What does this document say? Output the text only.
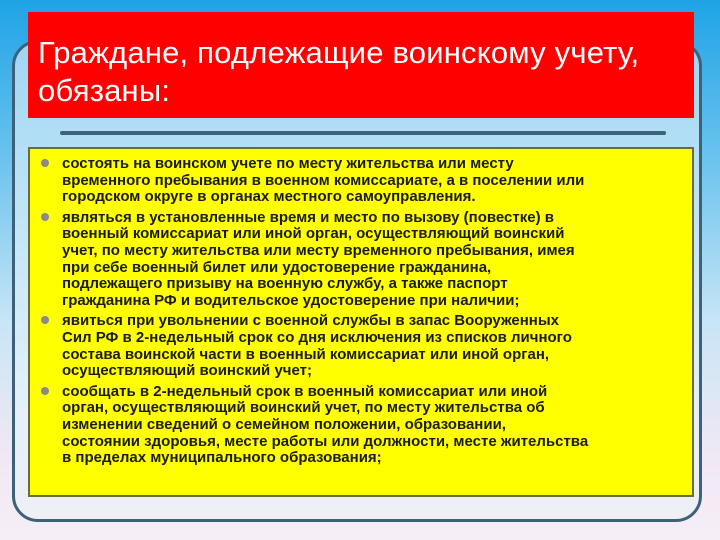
Граждане, подлежащие воинскому учету, обязаны:
состоять на воинском учете по месту жительства или месту
временного пребывания в военном комиссариате, а в поселении или
городском округе в органах местного самоуправления.
являться в установленные время и место по вызову (повестке) в
военный комиссариат или иной орган, осуществляющий воинский
учет, по месту жительства или месту временного пребывания, имея
при себе военный билет или удостоверение гражданина,
подлежащего призыву на военную службу, а также паспорт
гражданина РФ и водительское удостоверение при наличии;
явиться при увольнении с военной службы в запас Вооруженных
Сил РФ в 2-недельный срок со дня исключения из списков личного
состава воинской части в военный комиссариат или иной орган,
осуществляющий воинский учет;
сообщать в 2-недельный срок в военный комиссариат или иной
орган, осуществляющий воинский учет, по месту жительства об
изменении сведений о семейном положении, образовании,
состоянии здоровья, месте работы или должности, месте жительства
в пределах муниципального образования;
